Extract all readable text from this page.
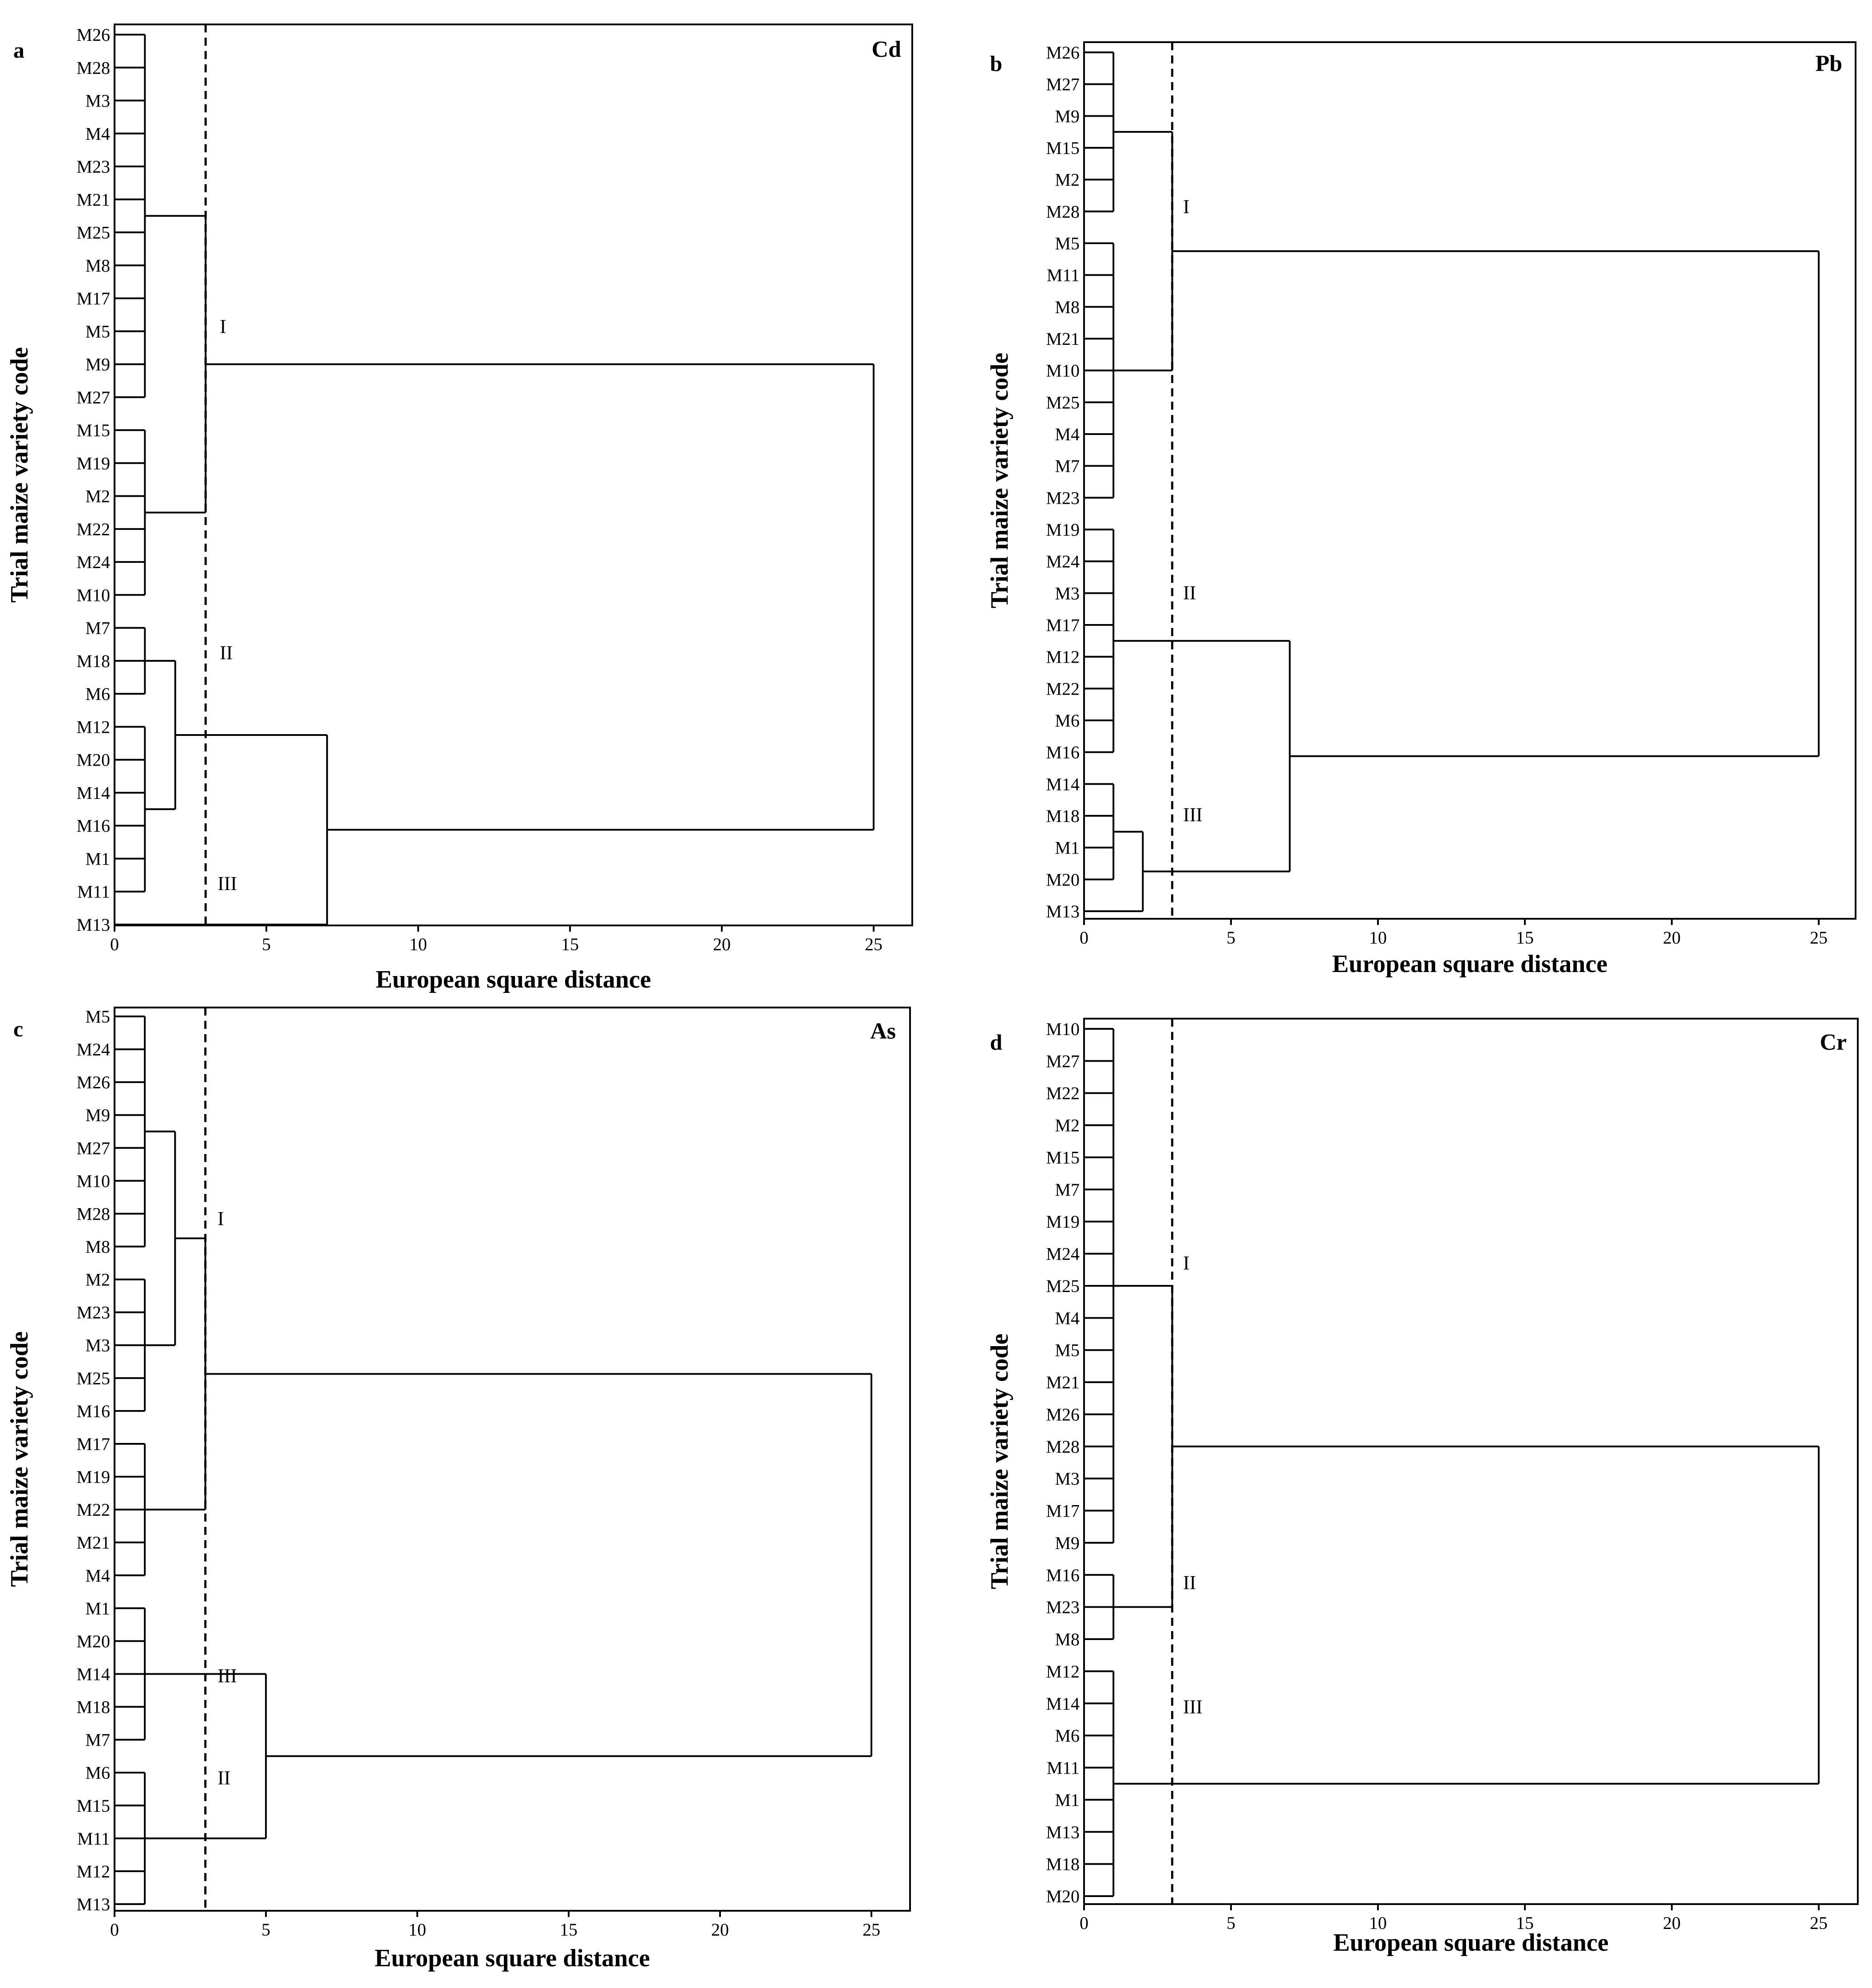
M26
M28
M3
M4
M23
M21
M25
M8
M17
M5
M9
M27
M15
M19
M2
M22
M24
M10
M7
M18
M6
M12
M20
M14
M16
M1
M11
M13
0	5	10	15	20	25
European square distance
Trial maize variety code
a	Cd
I
II
III
M26
M27
M9
M15
M2
M28
M5
M11
M8
M21
M10
M25
M4
M7
M23
M19
M24
M3
M17
M12
M22
M6
M16
M14
M18
M1
M20
M13
0	5	10	15	20	25
European square distance
Trial maize variety code
b	Pb
I
II
III
M5
M24
M26
M9
M27
M10
M28
M8
M2
M23
M3
M25
M16
M17
M19
M22
M21
M4
M1
M20
M14
M18
M7
M6
M15
M11
M12
M13
0	5	10	15	20	25
European square distance
Trial maize variety code
c	As
I
III
II
M10
M27
M22
M2
M15
M7
M19
M24
M25
M4
M5
M21
M26
M28
M3
M17
M9
M16
M23
M8
M12
M14
M6
M11
M1
M13
M18
M20
0	5	10	15	20	25
European square distance
Trial maize variety code
d	Cr
I
II
III
